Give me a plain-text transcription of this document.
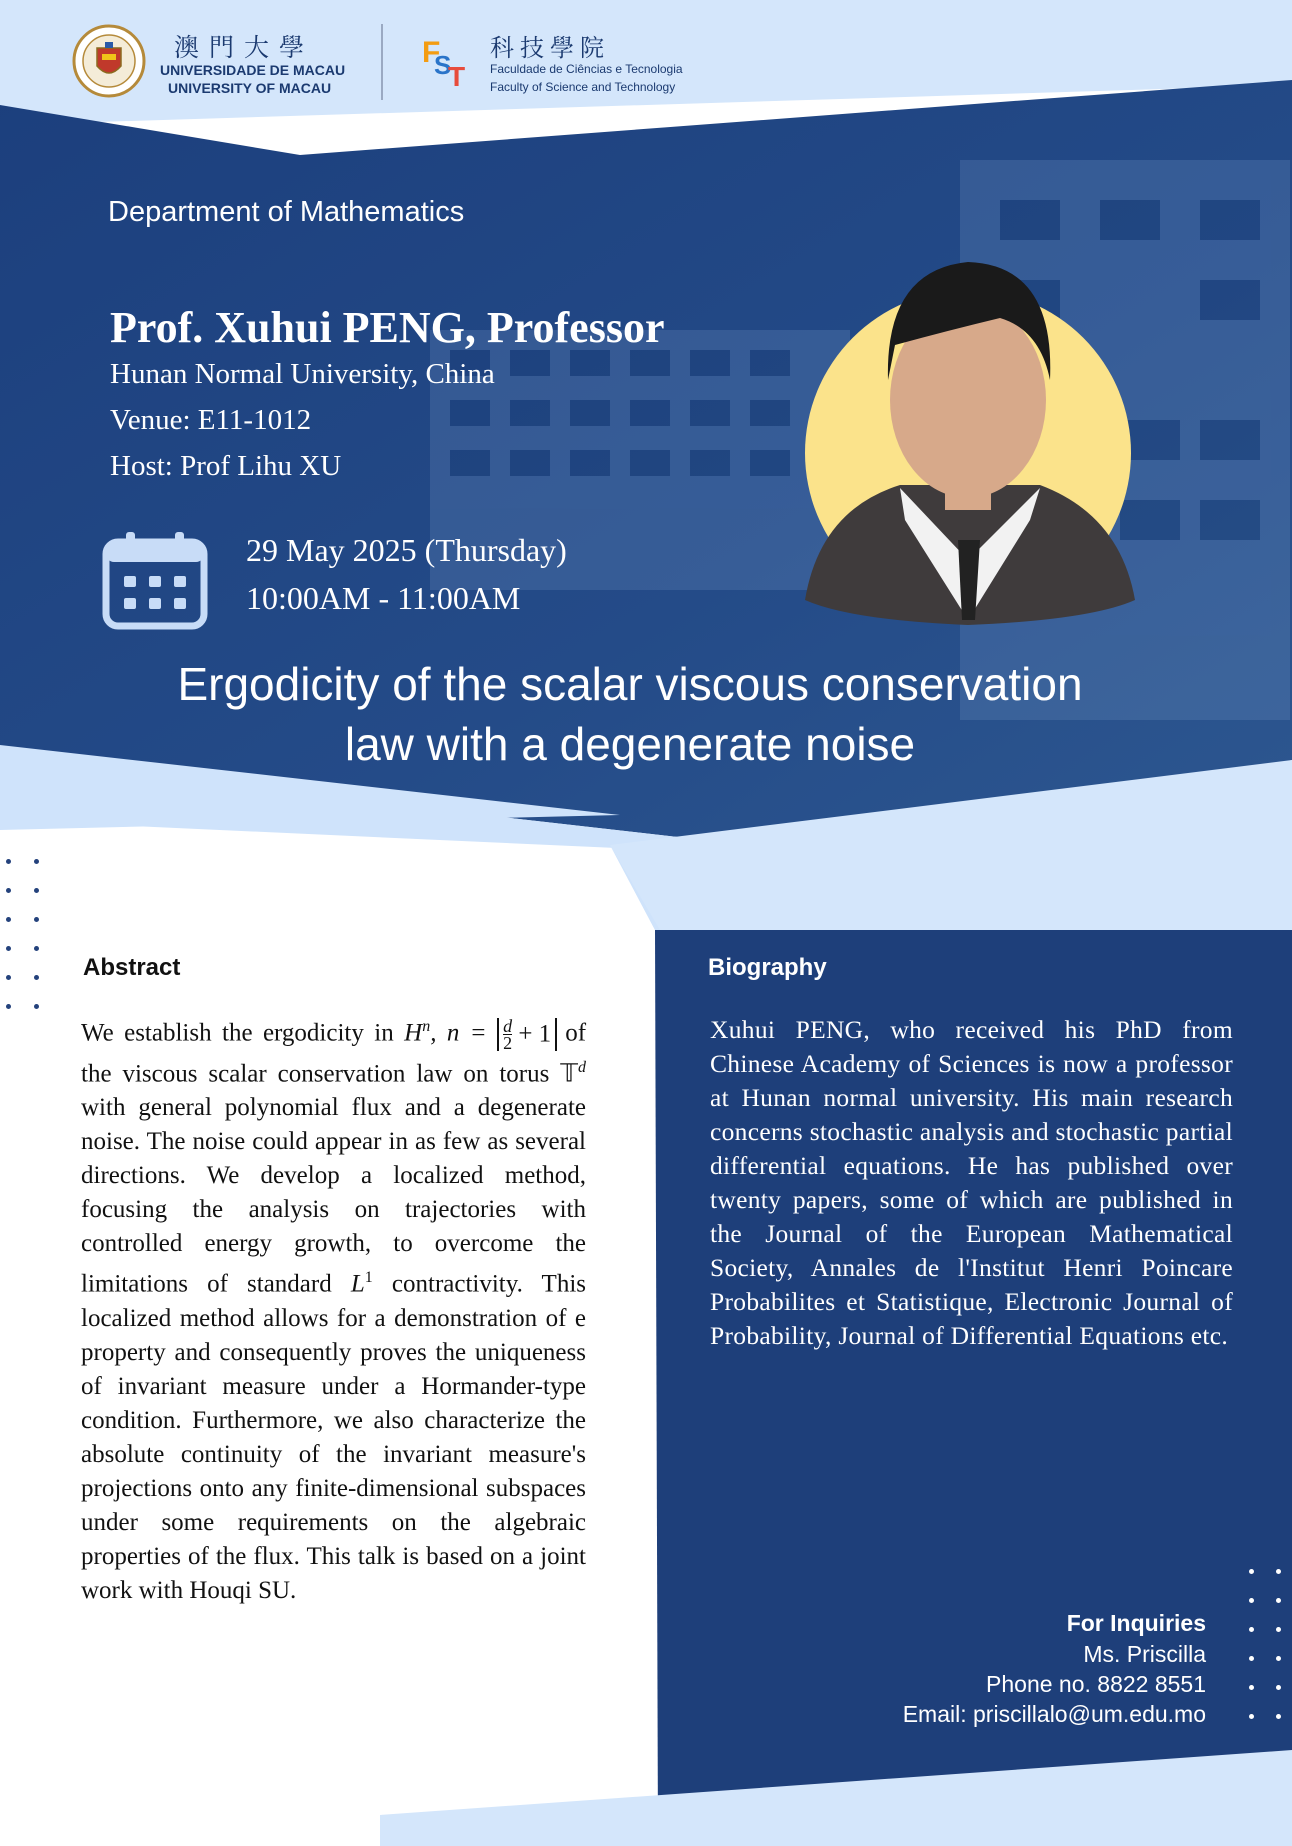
澳門大學
UNIVERSIDADE DE MACAU
UNIVERSITY OF MACAU
F
S
T
科技學院
Faculdade de Ciências e Tecnologia
Faculty of Science and Technology
Department of Mathematics
Prof. Xuhui PENG, Professor
Hunan Normal University, China
Venue: E11-1012
Host: Prof Lihu XU
29 May 2025 (Thursday)
10:00AM - 11:00AM
Ergodicity of the scalar viscous conservation
law with a degenerate noise
Abstract
We establish the ergodicity in $H^n$, $n = \frac{d}{2} + 1$ of the viscous scalar conservation law on torus 𝕋$^d$ with general polynomial flux and a degenerate noise. The noise could appear in as few as several directions. We develop a localized method, focusing the analysis on trajectories with controlled energy growth, to overcome the limitations of standard $L^1$ contractivity. This localized method allows for a demonstration of e property and consequently proves the uniqueness of invariant measure under a Hormander-type condition. Furthermore, we also characterize the absolute continuity of the invariant measure's projections onto any finite-dimensional subspaces under some requirements on the algebraic properties of the flux. This talk is based on a joint work with Houqi SU.
Biography
Xuhui PENG, who received his PhD from Chinese Academy of Sciences is now a professor at Hunan normal university. His main research concerns stochastic analysis and stochastic partial differential equations. He has published over twenty papers, some of which are published in the Journal of the European Mathematical Society, Annales de l'Institut Henri Poincare Probabilites et Statistique, Electronic Journal of Probability, Journal of Differential Equations etc.
For Inquiries
Ms. Priscilla
Phone no. 8822 8551
Email: priscillalo@um.edu.mo
